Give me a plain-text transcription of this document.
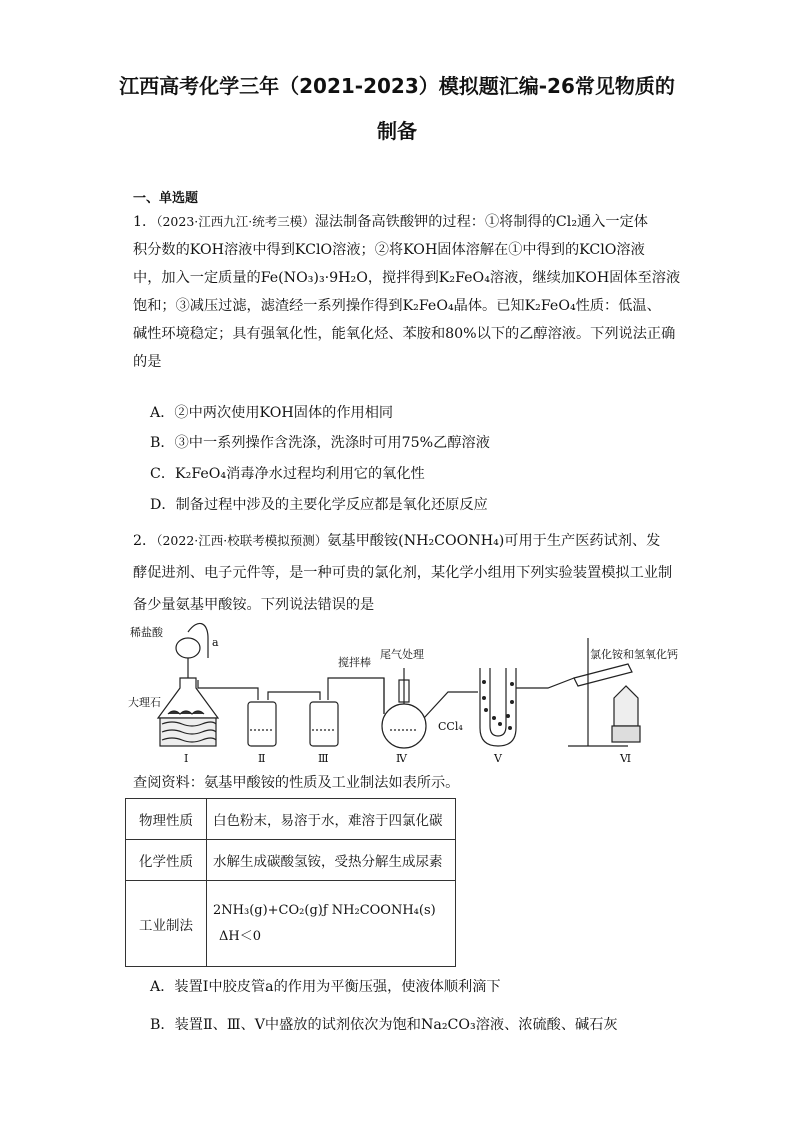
江西高考化学三年（2021-2023）模拟题汇编-26常见物质的
制备
一、单选题
1．（2023·江西九江·统考三模）湿法制备高铁酸钾的过程：①将制得的Cl₂通入一定体
积分数的KOH溶液中得到KClO溶液；②将KOH固体溶解在①中得到的KClO溶液
中，加入一定质量的Fe(NO₃)₃·9H₂O，搅拌得到K₂FeO₄溶液，继续加KOH固体至溶液
饱和；③减压过滤，滤渣经一系列操作得到K₂FeO₄晶体。已知K₂FeO₄性质：低温、
碱性环境稳定；具有强氧化性，能氧化烃、苯胺和80%以下的乙醇溶液。下列说法正确
的是
A．②中两次使用KOH固体的作用相同
B．③中一系列操作含洗涤，洗涤时可用75%乙醇溶液
C．K₂FeO₄消毒净水过程均利用它的氧化性
D．制备过程中涉及的主要化学反应都是氧化还原反应
2．（2022·江西·校联考模拟预测）氨基甲酸铵(NH₂COONH₄)可用于生产医药试剂、发
酵促进剂、电子元件等，是一种可贵的氯化剂，某化学小组用下列实验装置模拟工业制
备少量氨基甲酸铵。下列说法错误的是
稀盐酸
a
大理石
搅拌棒
尾气处理
CCl₄
氯化铵和氢氧化钙
Ⅰ	Ⅱ	Ⅲ	Ⅳ	Ⅴ	Ⅵ
查阅资料：氨基甲酸铵的性质及工业制法如表所示。
物理性质	白色粉末，易溶于水，难溶于四氯化碳
化学性质	水解生成碳酸氢铵，受热分解生成尿素
工业制法	2NH₃(g)+CO₂(g)ƒ NH₂COONH₄(s)
ΔH＜0
A．装置Ⅰ中胶皮管a的作用为平衡压强，使液体顺利滴下
B．装置Ⅱ、Ⅲ、Ⅴ中盛放的试剂依次为饱和Na₂CO₃溶液、浓硫酸、碱石灰
